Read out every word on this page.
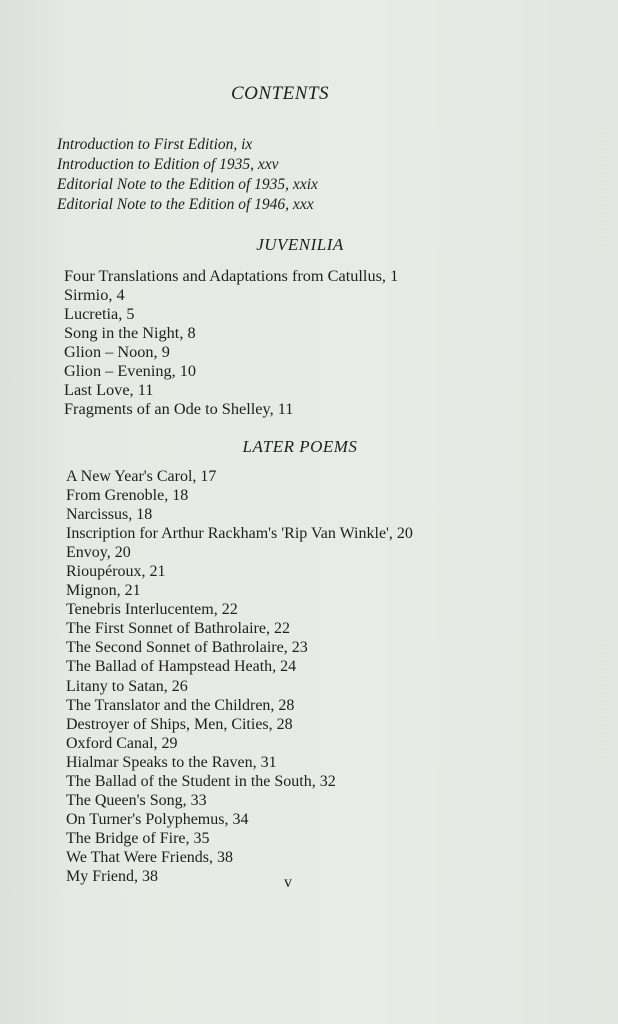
CONTENTS
Introduction to First Edition, ix
Introduction to Edition of 1935, xxv
Editorial Note to the Edition of 1935, xxix
Editorial Note to the Edition of 1946, xxx
JUVENILIA
Four Translations and Adaptations from Catullus, 1
Sirmio, 4
Lucretia, 5
Song in the Night, 8
Glion – Noon, 9
Glion – Evening, 10
Last Love, 11
Fragments of an Ode to Shelley, 11
LATER POEMS
A New Year's Carol, 17
From Grenoble, 18
Narcissus, 18
Inscription for Arthur Rackham's 'Rip Van Winkle', 20
Envoy, 20
Rioupéroux, 21
Mignon, 21
Tenebris Interlucentem, 22
The First Sonnet of Bathrolaire, 22
The Second Sonnet of Bathrolaire, 23
The Ballad of Hampstead Heath, 24
Litany to Satan, 26
The Translator and the Children, 28
Destroyer of Ships, Men, Cities, 28
Oxford Canal, 29
Hialmar Speaks to the Raven, 31
The Ballad of the Student in the South, 32
The Queen's Song, 33
On Turner's Polyphemus, 34
The Bridge of Fire, 35
We That Were Friends, 38
My Friend, 38	v
